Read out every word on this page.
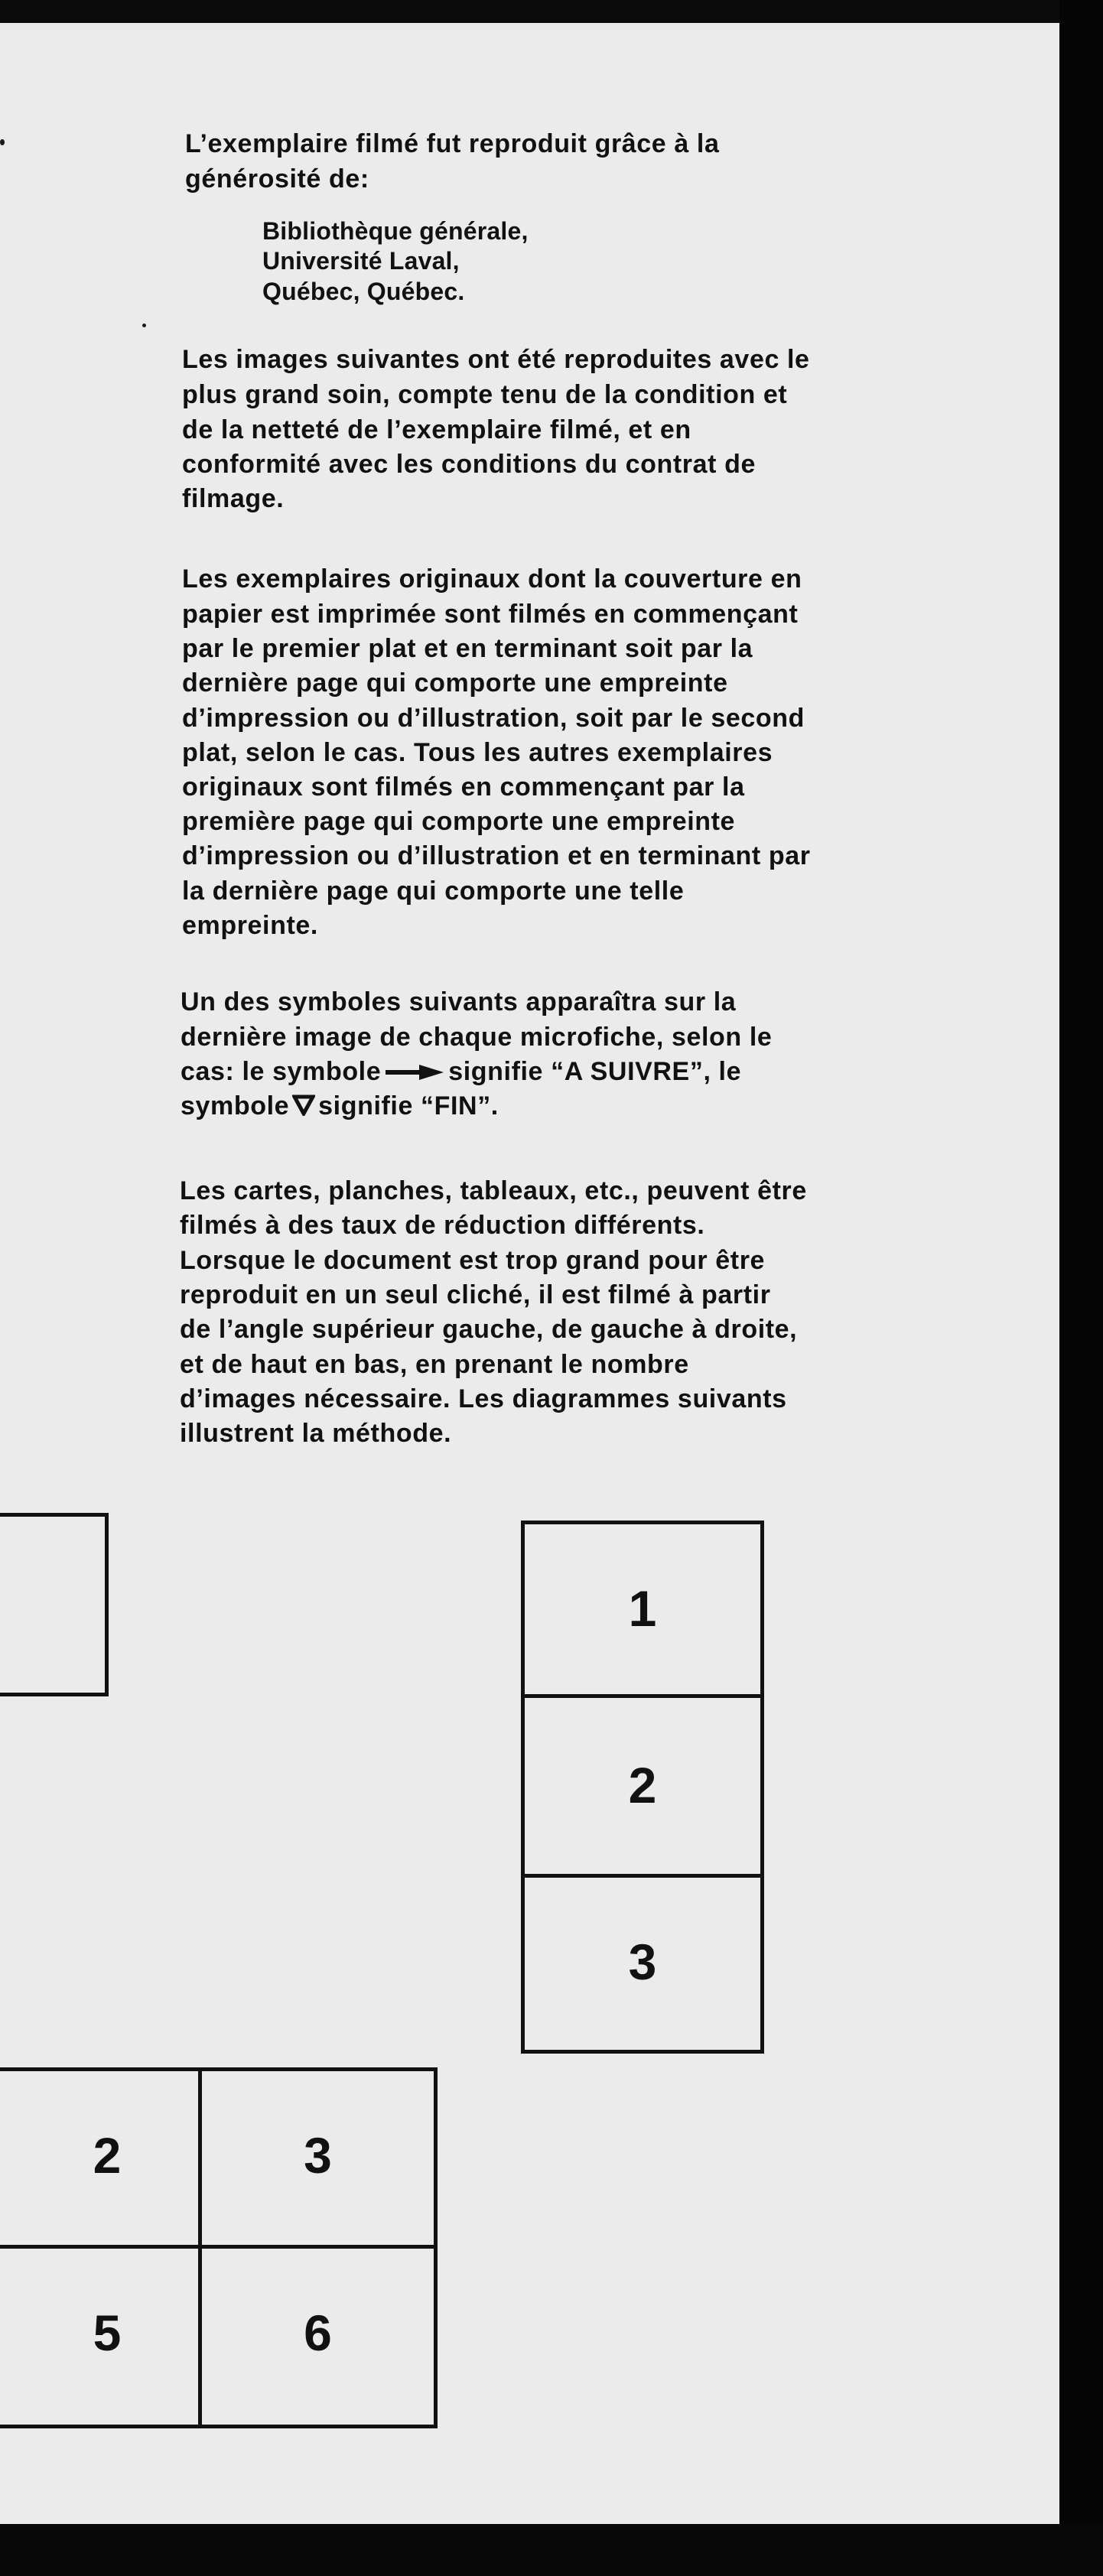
L’exemplaire filmé fut reproduit grâce à la
générosité de:
Bibliothèque générale,
Université Laval,
Québec, Québec.
Les images suivantes ont été reproduites avec le
plus grand soin, compte tenu de la condition et
de la netteté de l’exemplaire filmé, et en
conformité avec les conditions du contrat de
filmage.
Les exemplaires originaux dont la couverture en
papier est imprimée sont filmés en commençant
par le premier plat et en terminant soit par la
dernière page qui comporte une empreinte
d’impression ou d’illustration, soit par le second
plat, selon le cas. Tous les autres exemplaires
originaux sont filmés en commençant par la
première page qui comporte une empreinte
d’impression ou d’illustration et en terminant par
la dernière page qui comporte une telle
empreinte.
Un des symboles suivants apparaîtra sur la
dernière image de chaque microfiche, selon le
cas: le symbole	signifie “A SUIVRE”, le
symbole signifie “FIN”.
Les cartes, planches, tableaux, etc., peuvent être
filmés à des taux de réduction différents.
Lorsque le document est trop grand pour être
reproduit en un seul cliché, il est filmé à partir
de l’angle supérieur gauche, de gauche à droite,
et de haut en bas, en prenant le nombre
d’images nécessaire. Les diagrammes suivants
illustrent la méthode.
1
2
3
2	3
5	6
